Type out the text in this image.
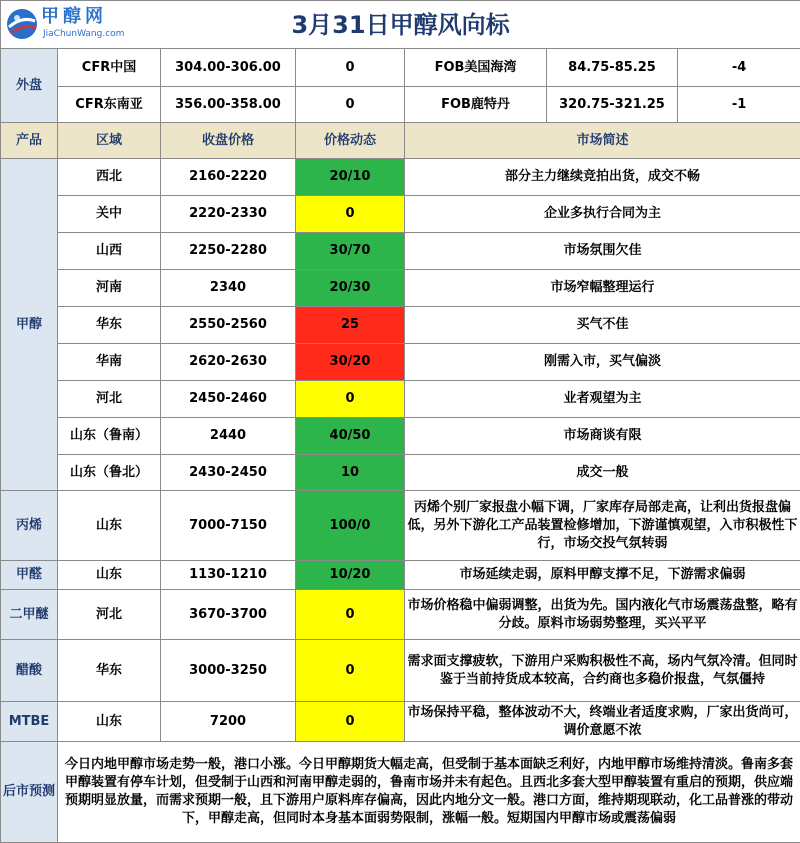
甲醇网
JiaChunWang.com 3月31日甲醇风向标						

外盘	CFR中国	304.00-306.00	0	FOB美国海湾	84.75-85.25	-4
	CFR东南亚	356.00-358.00	0	FOB鹿特丹	320.75-321.25	-1
产品	区域	收盘价格	价格动态	市场简述		
甲醇	西北	2160-2220	20/10	部分主力继续竞拍出货，成交不畅		
	关中	2220-2330	0	企业多执行合同为主		
	山西	2250-2280	30/70	市场氛围欠佳		
	河南	2340	20/30	市场窄幅整理运行		
	华东	2550-2560	25	买气不佳		
	华南	2620-2630	30/20	刚需入市，买气偏淡		
	河北	2450-2460	0	业者观望为主		
	山东（鲁南）	2440	40/50	市场商谈有限		
	山东（鲁北）	2430-2450	10	成交一般		
丙烯	山东	7000-7150	100/0	丙烯个别厂家报盘小幅下调，厂家库存局部走高，让利出货报盘偏低，另外下游化工产品装置检修增加，下游谨慎观望，入市积极性下行，市场交投气氛转弱		
甲醛	山东	1130-1210	10/20	市场延续走弱，原料甲醇支撑不足，下游需求偏弱		
二甲醚	河北	3670-3700	0	市场价格稳中偏弱调整，出货为先。国内液化气市场震荡盘整，略有分歧。原料市场弱势整理，买兴平平		
醋酸	华东	3000-3250	0	需求面支撑疲软，下游用户采购积极性不高，场内气氛冷清。但同时鉴于当前持货成本较高，合约商也多稳价报盘，气氛僵持		
MTBE	山东	7200	0	市场保持平稳，整体波动不大，终端业者适度求购，厂家出货尚可，调价意愿不浓		
后市预测	今日内地甲醇市场走势一般，港口小涨。今日甲醇期货大幅走高，但受制于基本面缺乏利好，内地甲醇市场维持清淡。鲁南多套甲醇装置有停车计划，但受制于山西和河南甲醇走弱的，鲁南市场并未有起色。且西北多套大型甲醇装置有重启的预期，供应端预期明显放量，而需求预期一般，且下游用户原料库存偏高，因此内地分文一般。港口方面，维持期现联动，化工品普涨的带动下，甲醇走高，但同时本身基本面弱势限制，涨幅一般。短期国内甲醇市场或震荡偏弱					
